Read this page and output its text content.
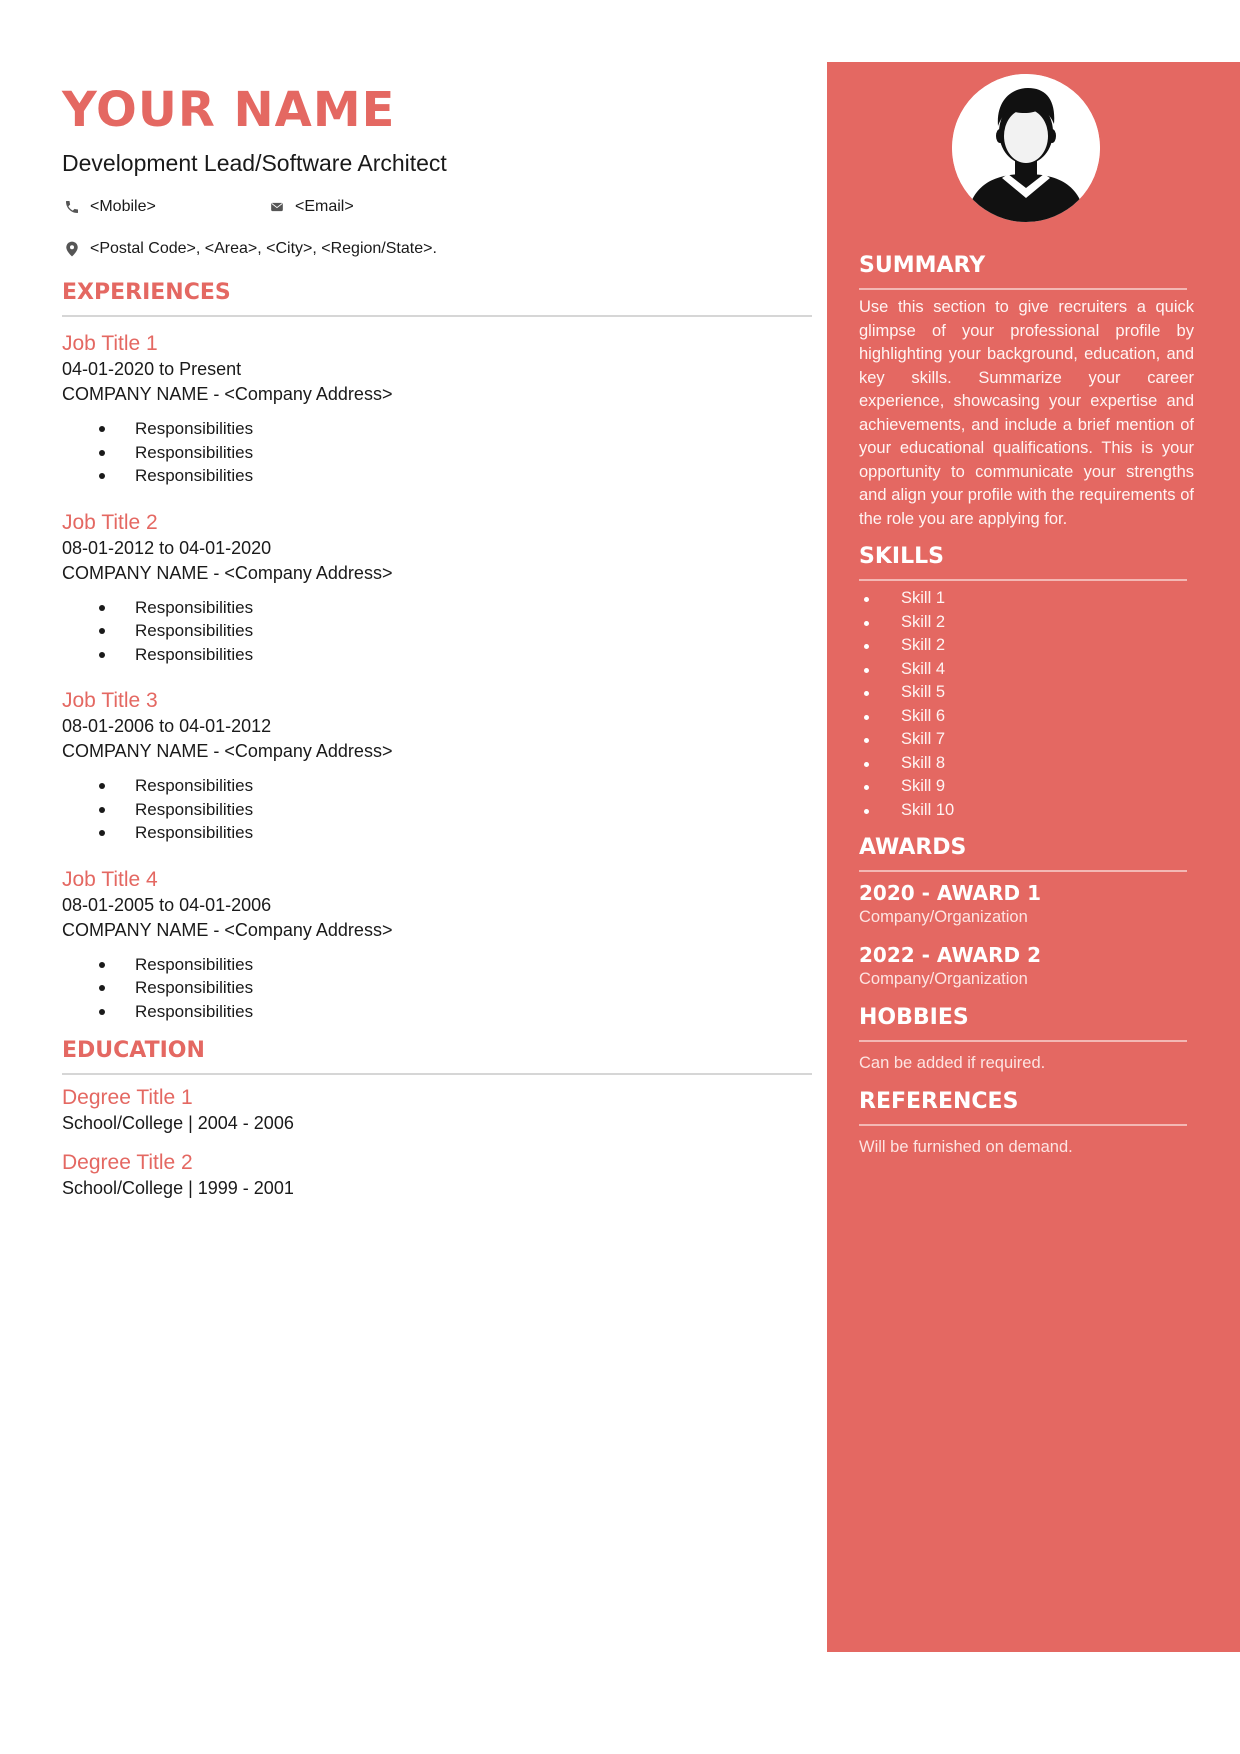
YOUR NAME
Development Lead/Software Architect
<Mobile>	<Email>
<Postal Code>, <Area>, <City>, <Region/State>.
EXPERIENCES
Job Title 1
04-01-2020 to Present
COMPANY NAME - <Company Address>
Responsibilities
Responsibilities
Responsibilities
Job Title 2
08-01-2012 to 04-01-2020
COMPANY NAME - <Company Address>
Responsibilities
Responsibilities
Responsibilities
Job Title 3
08-01-2006 to 04-01-2012
COMPANY NAME - <Company Address>
Responsibilities
Responsibilities
Responsibilities
Job Title 4
08-01-2005 to 04-01-2006
COMPANY NAME - <Company Address>
Responsibilities
Responsibilities
Responsibilities
EDUCATION
Degree Title 1
School/College | 2004 - 2006
Degree Title 2
School/College | 1999 - 2001
SUMMARY
Use this section to give recruiters a quick glimpse of your professional profile by highlighting your background, education, and key skills. Summarize your career experience, showcasing your expertise and achievements, and include a brief mention of your educational qualifications. This is your opportunity to communicate your strengths and align your profile with the requirements of the role you are applying for.
SKILLS
Skill 1
Skill 2
Skill 2
Skill 4
Skill 5
Skill 6
Skill 7
Skill 8
Skill 9
Skill 10
AWARDS
2020 - AWARD 1
Company/Organization
2022 - AWARD 2
Company/Organization
HOBBIES
Can be added if required.
REFERENCES
Will be furnished on demand.
